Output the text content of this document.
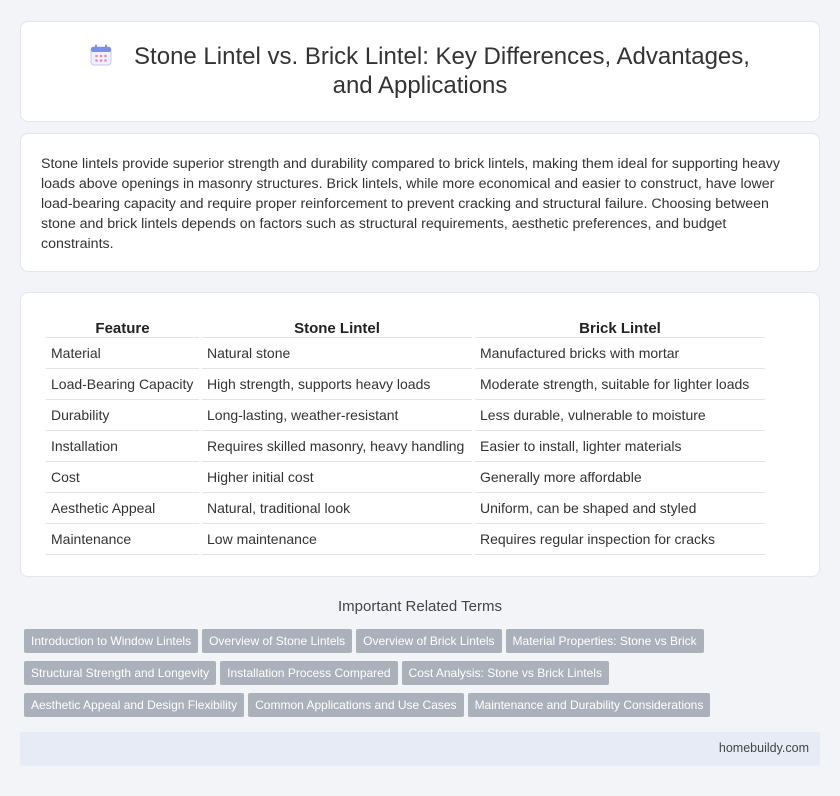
Stone Lintel vs. Brick Lintel: Key Differences, Advantages, and Applications

Stone lintels provide superior strength and durability compared to brick lintels, making them ideal for supporting heavy loads above openings in masonry structures. Brick lintels, while more economical and easier to construct, have lower load-bearing capacity and require proper reinforcement to prevent cracking and structural failure. Choosing between stone and brick lintels depends on factors such as structural requirements, aesthetic preferences, and budget constraints.

Feature	Stone Lintel	Brick Lintel
Material	Natural stone	Manufactured bricks with mortar
Load-Bearing Capacity	High strength, supports heavy loads	Moderate strength, suitable for lighter loads
Durability	Long-lasting, weather-resistant	Less durable, vulnerable to moisture
Installation	Requires skilled masonry, heavy handling	Easier to install, lighter materials
Cost	Higher initial cost	Generally more affordable
Aesthetic Appeal	Natural, traditional look	Uniform, can be shaped and styled
Maintenance	Low maintenance	Requires regular inspection for cracks
Important Related Terms
Introduction to Window Lintels Overview of Stone Lintels Overview of Brick Lintels Material Properties: Stone vs Brick
Structural Strength and Longevity Installation Process Compared Cost Analysis: Stone vs Brick Lintels
Aesthetic Appeal and Design Flexibility Common Applications and Use Cases Maintenance and Durability Considerations
homebuildy.com
